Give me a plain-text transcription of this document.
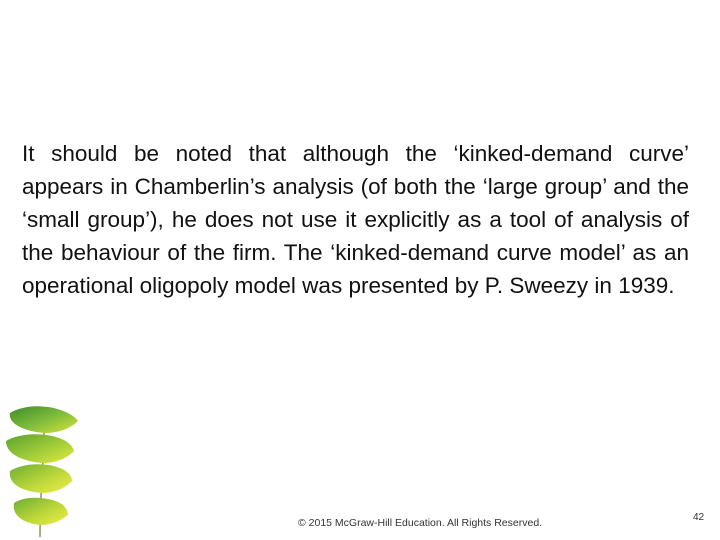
It should be noted that although the ‘kinked-demand curve’ appears in Chamberlin’s analysis (of both the ‘large group’ and the ‘small group’), he does not use it explicitly as a tool of analysis of the behaviour of the firm. The ‘kinked-demand curve model’ as an operational oligopoly model was presented by P. Sweezy in 1939.

© 2015 McGraw-Hill Education. All Rights Reserved.	42
